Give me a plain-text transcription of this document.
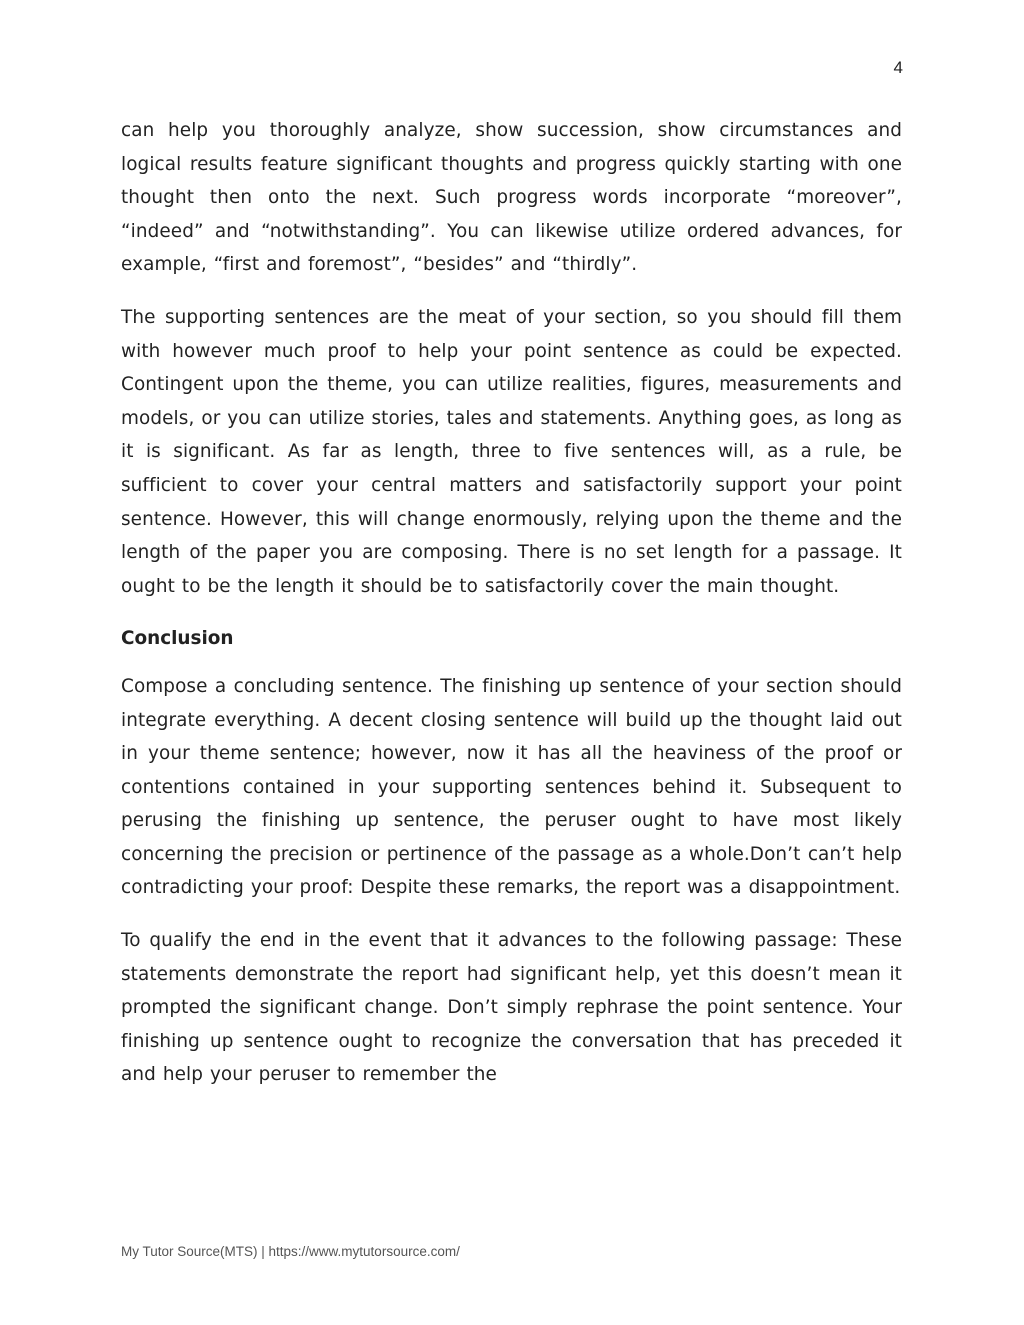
4

can help you thoroughly analyze, show succession, show circumstances and logical results feature significant thoughts and progress quickly starting with one thought then onto the next. Such progress words incorporate “moreover”, “indeed” and “notwithstanding”. You can likewise utilize ordered advances, for example, “first and foremost”, “besides” and “thirdly”.

The supporting sentences are the meat of your section, so you should fill them with however much proof to help your point sentence as could be expected. Contingent upon the theme, you can utilize realities, figures, measurements and models, or you can utilize stories, tales and statements. Anything goes, as long as it is significant. As far as length, three to five sentences will, as a rule, be sufficient to cover your central matters and satisfactorily support your point sentence. However, this will change enormously, relying upon the theme and the length of the paper you are composing. There is no set length for a passage. It ought to be the length it should be to satisfactorily cover the main thought.

Conclusion

Compose a concluding sentence. The finishing up sentence of your section should integrate everything. A decent closing sentence will build up the thought laid out in your theme sentence; however, now it has all the heaviness of the proof or contentions contained in your supporting sentences behind it. Subsequent to perusing the finishing up sentence, the peruser ought to have most likely concerning the precision or pertinence of the passage as a whole.Don’t can’t help contradicting your proof: Despite these remarks, the report was a disappointment.

To qualify the end in the event that it advances to the following passage: These statements demonstrate the report had significant help, yet this doesn’t mean it prompted the significant change. Don’t simply rephrase the point sentence. Your finishing up sentence ought to recognize the conversation that has preceded it and help your peruser to remember the

My Tutor Source(MTS) | https://www.mytutorsource.com/
